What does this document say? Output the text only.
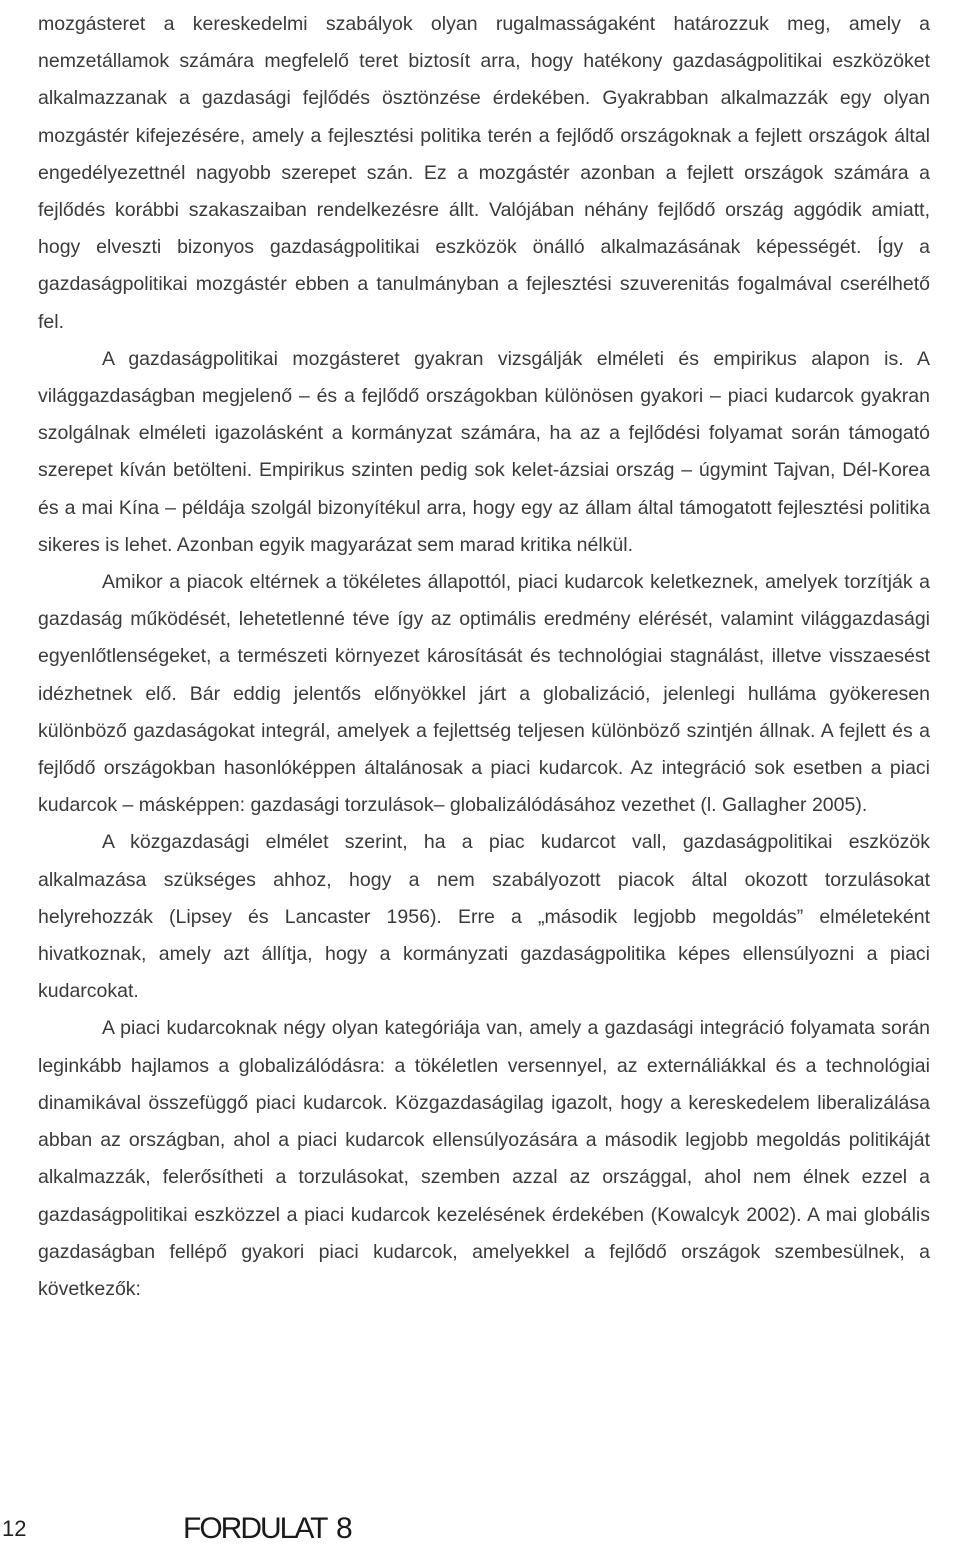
mozgásteret a kereskedelmi szabályok olyan rugalmasságaként határozzuk meg, amely a nemzetállamok számára megfelelő teret biztosít arra, hogy hatékony gazdaságpolitikai eszközöket alkalmazzanak a gazdasági fejlődés ösztönzése érdekében. Gyakrabban alkalmazzák egy olyan mozgástér kifejezésére, amely a fejlesztési politika terén a fejlődő országoknak a fejlett országok által engedélyezettnél nagyobb szerepet szán. Ez a mozgástér azonban a fejlett országok számára a fejlődés korábbi szakaszaiban rendelkezésre állt. Valójában néhány fejlődő ország aggódik amiatt, hogy elveszti bizonyos gazdaságpolitikai eszközök önálló alkalmazásának képességét. Így a gazdaságpolitikai mozgástér ebben a tanulmányban a fejlesztési szuverenitás fogalmával cserélhető fel.

A gazdaságpolitikai mozgásteret gyakran vizsgálják elméleti és empirikus alapon is. A világgazdaságban megjelenő – és a fejlődő országokban különösen gyakori – piaci kudarcok gyakran szolgálnak elméleti igazolásként a kormányzat számára, ha az a fejlődési folyamat során támogató szerepet kíván betölteni. Empirikus szinten pedig sok kelet-ázsiai ország – úgymint Tajvan, Dél-Korea és a mai Kína – példája szolgál bizonyítékul arra, hogy egy az állam által támogatott fejlesztési politika sikeres is lehet. Azonban egyik magyarázat sem marad kritika nélkül.

Amikor a piacok eltérnek a tökéletes állapottól, piaci kudarcok keletkeznek, amelyek torzítják a gazdaság működését, lehetetlenné téve így az optimális eredmény elérését, valamint világgazdasági egyenlőtlenségeket, a természeti környezet károsítását és technológiai stagnálást, illetve visszaesést idézhetnek elő. Bár eddig jelentős előnyökkel járt a globalizáció, jelenlegi hulláma gyökeresen különböző gazdaságokat integrál, amelyek a fejlettség teljesen különböző szintjén állnak. A fejlett és a fejlődő országokban hasonlóképpen általánosak a piaci kudarcok. Az integráció sok esetben a piaci kudarcok – másképpen: gazdasági torzulások– globalizálódásához vezethet (l. Gallagher 2005).

A közgazdasági elmélet szerint, ha a piac kudarcot vall, gazdaságpolitikai eszközök alkalmazása szükséges ahhoz, hogy a nem szabályozott piacok által okozott torzulásokat helyrehozzák (Lipsey és Lancaster 1956). Erre a „második legjobb megoldás” elméleteként hivatkoznak, amely azt állítja, hogy a kormányzati gazdaságpolitika képes ellensúlyozni a piaci kudarcokat.

A piaci kudarcoknak négy olyan kategóriája van, amely a gazdasági integráció folyamata során leginkább hajlamos a globalizálódásra: a tökéletlen versennyel, az externáliákkal és a technológiai dinamikával összefüggő piaci kudarcok. Közgazdaságilag igazolt, hogy a kereskedelem liberalizálása abban az országban, ahol a piaci kudarcok ellensúlyozására a második legjobb megoldás politikáját alkalmazzák, felerősítheti a torzulásokat, szemben azzal az országgal, ahol nem élnek ezzel a gazdaságpolitikai eszközzel a piaci kudarcok kezelésének érdekében (Kowalcyk 2002). A mai globális gazdaságban fellépő gyakori piaci kudarcok, amelyekkel a fejlődő országok szembesülnek, a következők:

12	FORDULAT 8
